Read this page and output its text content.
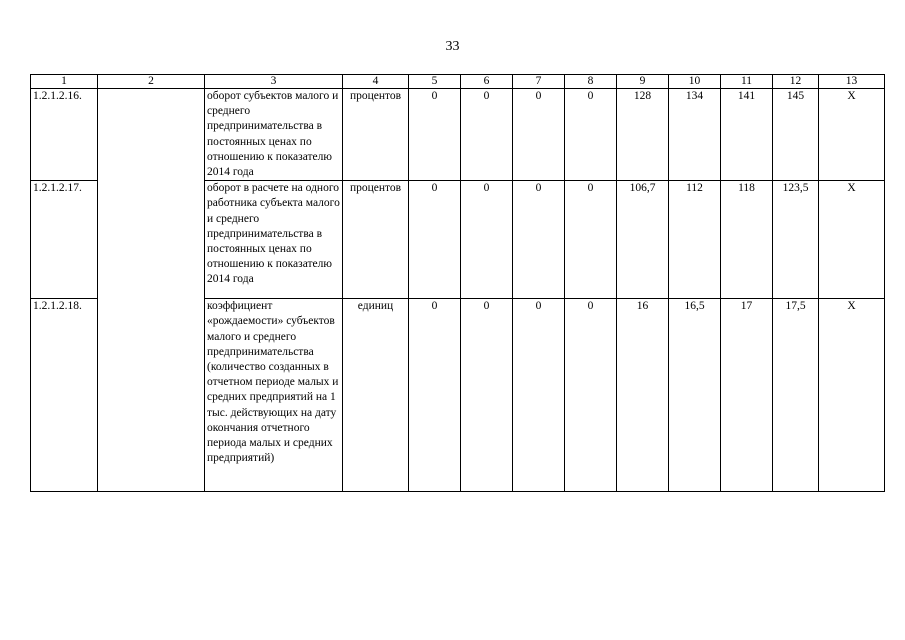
33
1	2	3	4	5	6	7	8	9	10	11	12	13
1.2.1.2.16.		оборот субъектов малого и среднего предпринимательства в постоянных ценах по отношению к показателю 2014 года	процентов	0	0	0	0	128	134	141	145	Х
1.2.1.2.17.		оборот в расчете на одного работника субъекта малого и среднего предпринимательства в постоянных ценах по отношению к показателю 2014 года	процентов	0	0	0	0	106,7	112	118	123,5	Х
1.2.1.2.18.		коэффициент «рождаемости» субъектов малого и среднего предпринимательства (количество созданных в отчетном периоде малых и средних предприятий на 1 тыс. действующих на дату окончания отчетного периода малых и средних предприятий)	единиц	0	0	0	0	16	16,5	17	17,5	Х
